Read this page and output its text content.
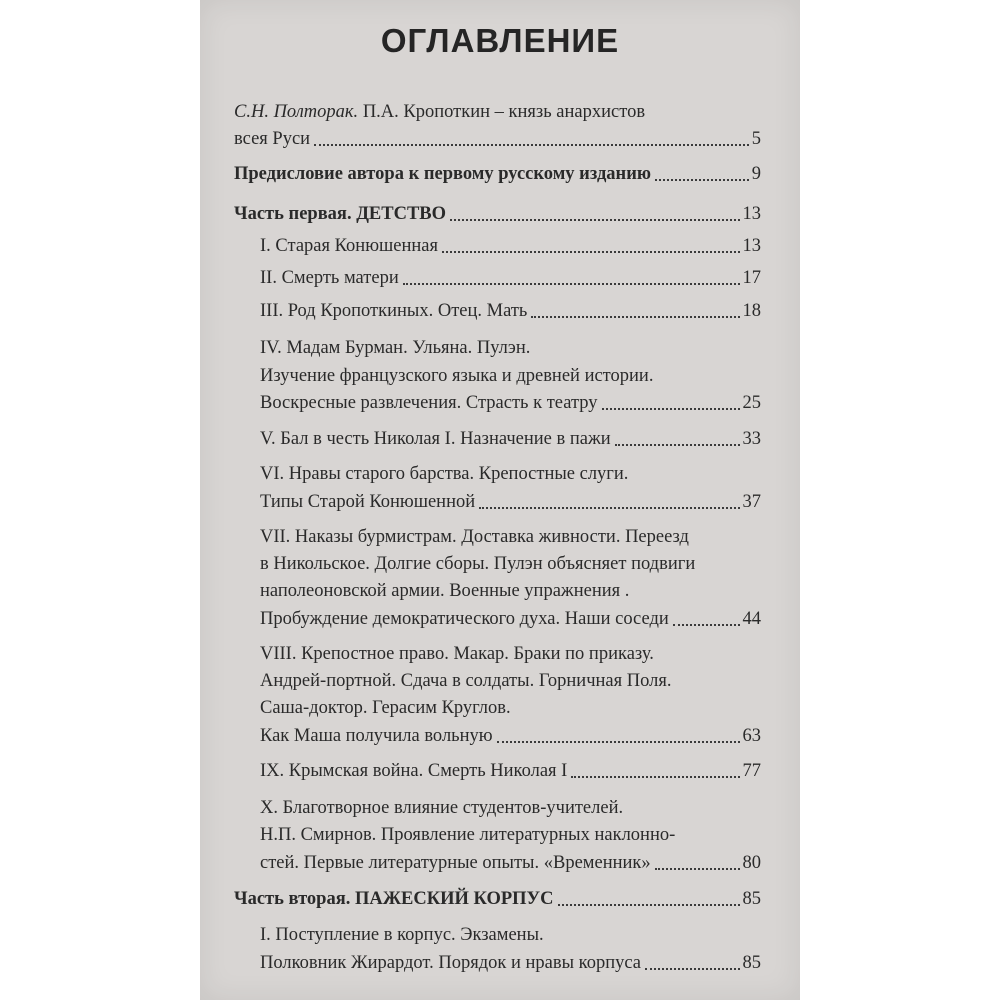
ОГЛАВЛЕНИЕ
С.Н. Полторак. П.А. Кропоткин – князь анархистов
всея Руси	5
Предисловие автора к первому русскому изданию	9
Часть первая. ДЕТСТВО	13
I. Старая Конюшенная	13
II. Смерть матери	17
III. Род Кропоткиных. Отец. Мать	18
IV. Мадам Бурман. Ульяна. Пулэн.
Изучение французского языка и древней истории.
Воскресные развлечения. Страсть к театру	25
V. Бал в честь Николая I. Назначение в пажи	33
VI. Нравы старого барства. Крепостные слуги.
Типы Старой Конюшенной	37
VII. Наказы бурмистрам. Доставка живности. Переезд
в Никольское. Долгие сборы. Пулэн объясняет подвиги
наполеоновской армии. Военные упражнения .
Пробуждение демократического духа. Наши соседи	44
VIII. Крепостное право. Макар. Браки по приказу.
Андрей-портной. Сдача в солдаты. Горничная Поля.
Саша-доктор. Герасим Круглов.
Как Маша получила вольную	63
IX. Крымская война. Смерть Николая I	77
X. Благотворное влияние студентов-учителей.
Н.П. Смирнов. Проявление литературных наклонно-
стей. Первые литературные опыты. «Временник»	80
Часть вторая. ПАЖЕСКИЙ КОРПУС	85
I. Поступление в корпус. Экзамены.
Полковник Жирардот. Порядок и нравы корпуса	85
